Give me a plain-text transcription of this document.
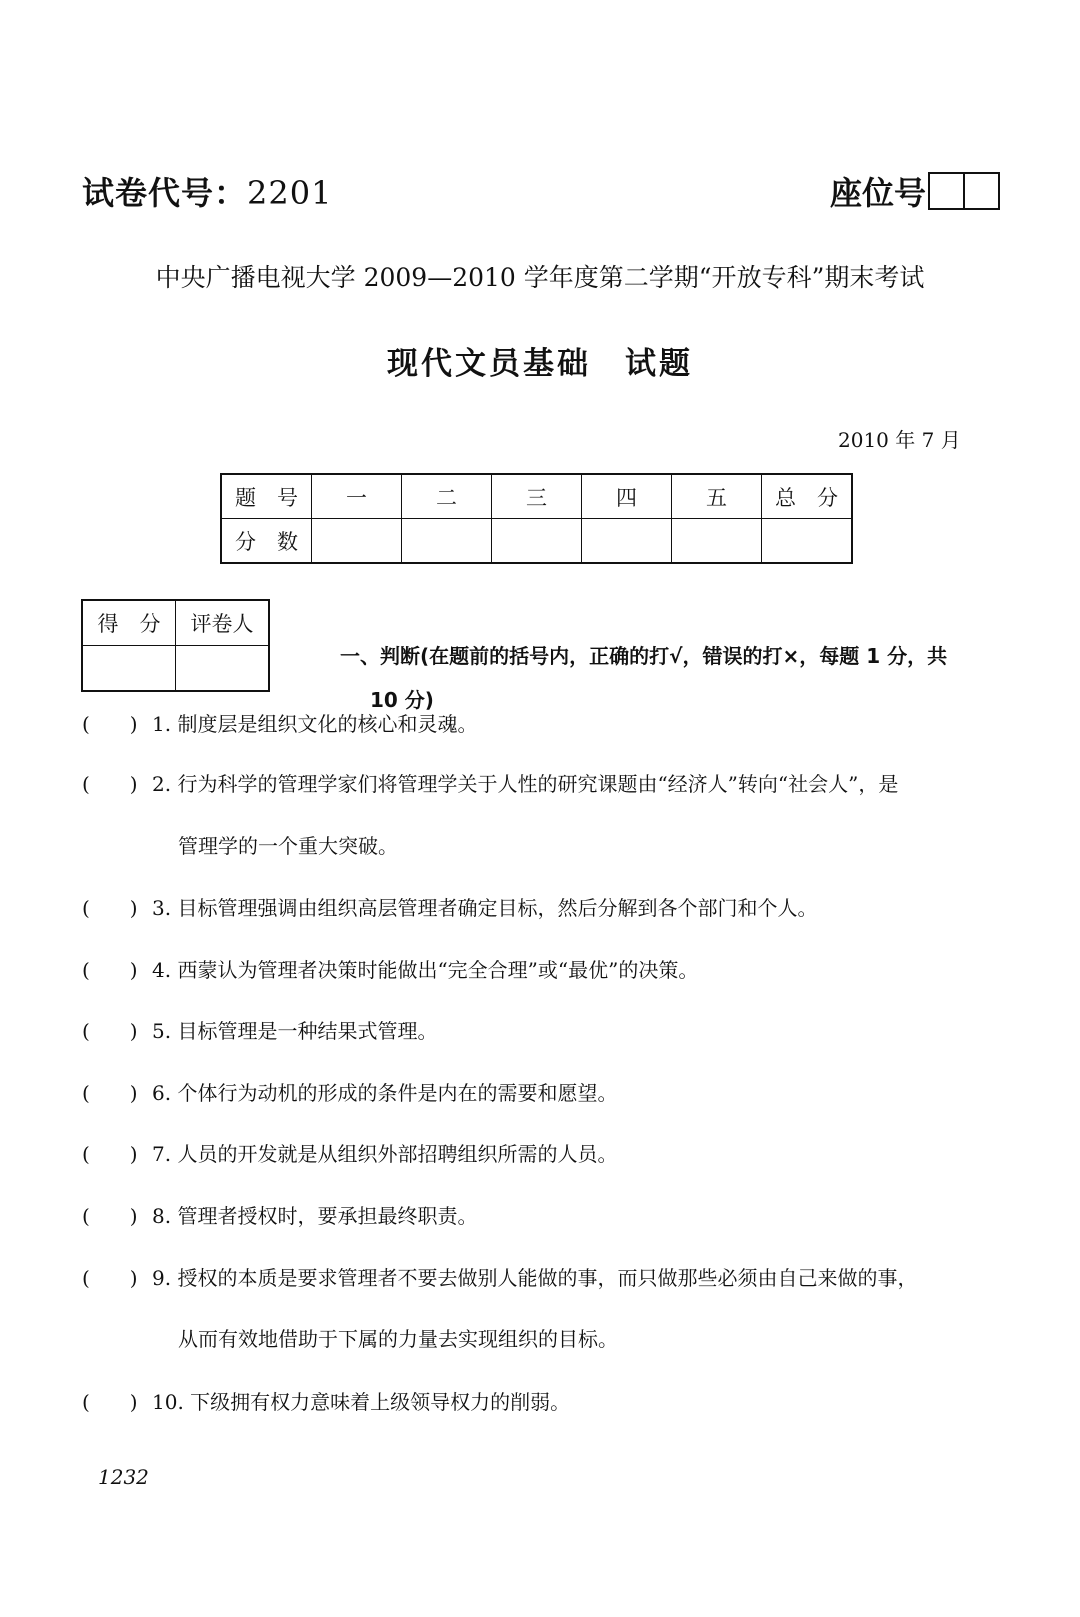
试卷代号：2201	座位号
中央广播电视大学 2009—2010 学年度第二学期“开放专科”期末考试
现代文员基础　试题
2010 年 7 月
题　号	一	二	三	四	五	总　分
分　数						
得　分	评卷人

一、判断(在题前的括号内，正确的打√，错误的打×，每题 1 分，共
10 分)
(　　) 1. 制度层是组织文化的核心和灵魂。
(　　) 2. 行为科学的管理学家们将管理学关于人性的研究课题由“经济人”转向“社会人”，是
管理学的一个重大突破。
(　　) 3. 目标管理强调由组织高层管理者确定目标，然后分解到各个部门和个人。
(　　) 4. 西蒙认为管理者决策时能做出“完全合理”或“最优”的决策。
(　　) 5. 目标管理是一种结果式管理。
(　　) 6. 个体行为动机的形成的条件是内在的需要和愿望。
(　　) 7. 人员的开发就是从组织外部招聘组织所需的人员。
(　　) 8. 管理者授权时，要承担最终职责。
(　　) 9. 授权的本质是要求管理者不要去做别人能做的事，而只做那些必须由自己来做的事，
从而有效地借助于下属的力量去实现组织的目标。
(　　) 10. 下级拥有权力意味着上级领导权力的削弱。
1232
